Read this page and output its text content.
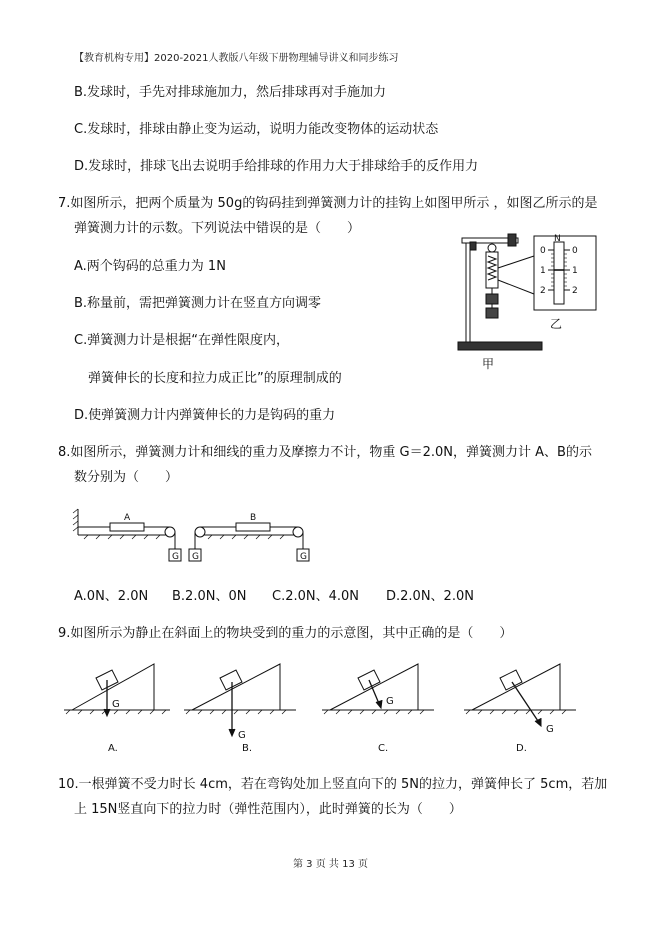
【教育机构专用】2020-2021人教版八年级下册物理辅导讲义和同步练习
B.发球时，手先对排球施加力，然后排球再对手施加力
C.发球时，排球由静止变为运动，说明力能改变物体的运动状态
D.发球时，排球飞出去说明手给排球的作用力大于排球给手的反作用力
7.如图所示，把两个质量为 50g的钩码挂到弹簧测力计的挂钩上如图甲所示 ，如图乙所示的是
弹簧测力计的示数。下列说法中错误的是（　　）
A.两个钩码的总重力为 1N
B.称量前，需把弹簧测力计在竖直方向调零
C.弹簧测力计是根据“在弹性限度内，
弹簧伸长的长度和拉力成正比”的原理制成的
D.使弹簧测力计内弹簧伸长的力是钩码的重力
N
0
1
2
0
1
2
乙
甲
8.如图所示，弹簧测力计和细线的重力及摩擦力不计，物重 G＝2.0N，弹簧测力计 A、B的示
数分别为（　　）
A	B
G G	G
A.0N、2.0N B.2.0N、0N C.2.0N、4.0N D.2.0N、2.0N
9.如图所示为静止在斜面上的物块受到的重力的示意图，其中正确的是（　　）
G
G
G
G
A.	B.	C.	D.
10.一根弹簧不受力时长 4cm，若在弯钩处加上竖直向下的 5N的拉力，弹簧伸长了 5cm，若加
上 15N竖直向下的拉力时（弹性范围内），此时弹簧的长为（　　）
第 3 页 共 13 页
